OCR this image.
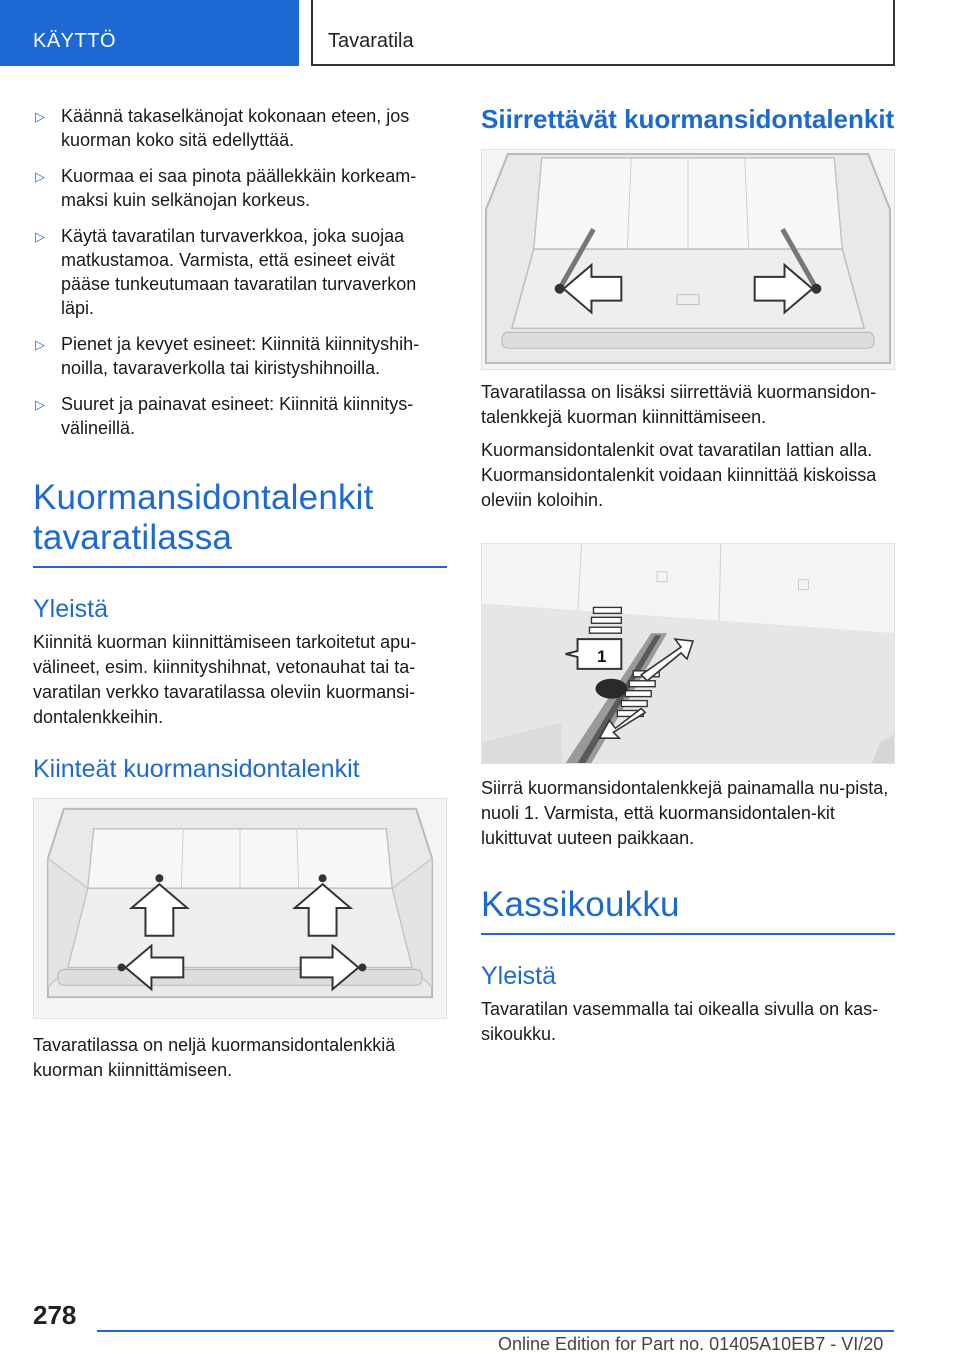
KÄYTTÖ	Tavaratila
▷ Käännä takaselkänojat kokonaan eteen, jos kuorman koko sitä edellyttää.
▷ Kuormaa ei saa pinota päällekkäin korkeam‐maksi kuin selkänojan korkeus.
▷ Käytä tavaratilan turvaverkkoa, joka suojaa matkustamoa. Varmista, että esineet eivät pääse tunkeutumaan tavaratilan turvaverkon läpi.
▷ Pienet ja kevyet esineet: Kiinnitä kiinnityshih‐noilla, tavaraverkolla tai kiristyshihnoilla.
▷ Suuret ja painavat esineet: Kiinnitä kiinnitys‐välineillä.
Kuormansidontalenkit tavaratilassa
Yleistä

Kiinnitä kuorman kiinnittämiseen tarkoitetut apu‐välineet, esim. kiinnityshihnat, vetonauhat tai ta‐varatilan verkko tavaratilassa oleviin kuormansi‐dontalenkkeihin.

Kiinteät kuormansidontalenkit

Tavaratilassa on neljä kuormansidontalenkkiä kuorman kiinnittämiseen.

Siirrettävät kuormansidontalenkit

Tavaratilassa on lisäksi siirrettäviä kuormansidon‐talenkkejä kuorman kiinnittämiseen.

Kuormansidontalenkit ovat tavaratilan lattian alla. Kuormansidontalenkit voidaan kiinnittää kiskoissa oleviin koloihin.

1

Siirrä kuormansidontalenkkejä painamalla nu‐pista, nuoli 1. Varmista, että kuormansidontalen‐kit lukittuvat uuteen paikkaan.

Kassikoukku
Yleistä

Tavaratilan vasemmalla tai oikealla sivulla on kas‐sikoukku.

278
Online Edition for Part no. 01405A10EB7 - VI/20
